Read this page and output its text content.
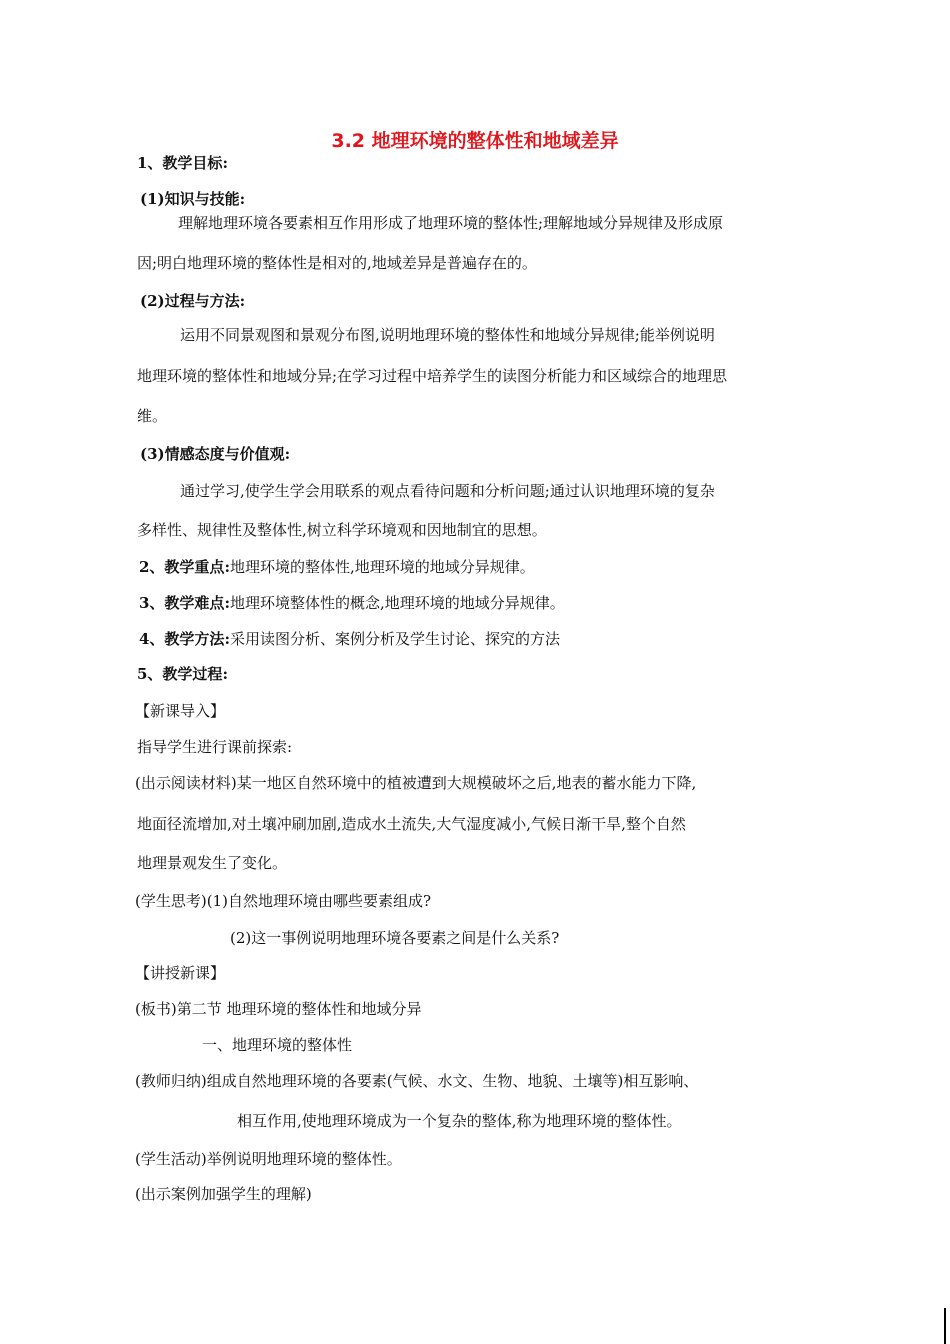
3.2 地理环境的整体性和地域差异
1、教学目标:
(1)知识与技能:
理解地理环境各要素相互作用形成了地理环境的整体性;理解地域分异规律及形成原
因;明白地理环境的整体性是相对的,地域差异是普遍存在的。
(2)过程与方法:
运用不同景观图和景观分布图,说明地理环境的整体性和地域分异规律;能举例说明
地理环境的整体性和地域分异;在学习过程中培养学生的读图分析能力和区域综合的地理思
维。
(3)情感态度与价值观:
通过学习,使学生学会用联系的观点看待问题和分析问题;通过认识地理环境的复杂
多样性、规律性及整体性,树立科学环境观和因地制宜的思想。
2、教学重点:地理环境的整体性,地理环境的地域分异规律。
3、教学难点:地理环境整体性的概念,地理环境的地域分异规律。
4、教学方法:采用读图分析、案例分析及学生讨论、探究的方法
5、教学过程:
【新课导入】
指导学生进行课前探索:
(出示阅读材料)某一地区自然环境中的植被遭到大规模破坏之后,地表的蓄水能力下降,
地面径流增加,对土壤冲刷加剧,造成水土流失,大气湿度减小,气候日渐干旱,整个自然
地理景观发生了变化。
(学生思考)(1)自然地理环境由哪些要素组成?
(2)这一事例说明地理环境各要素之间是什么关系?
【讲授新课】
(板书)第二节 地理环境的整体性和地域分异
一、地理环境的整体性
(教师归纳)组成自然地理环境的各要素(气候、水文、生物、地貌、土壤等)相互影响、
相互作用,使地理环境成为一个复杂的整体,称为地理环境的整体性。
(学生活动)举例说明地理环境的整体性。
(出示案例加强学生的理解)
